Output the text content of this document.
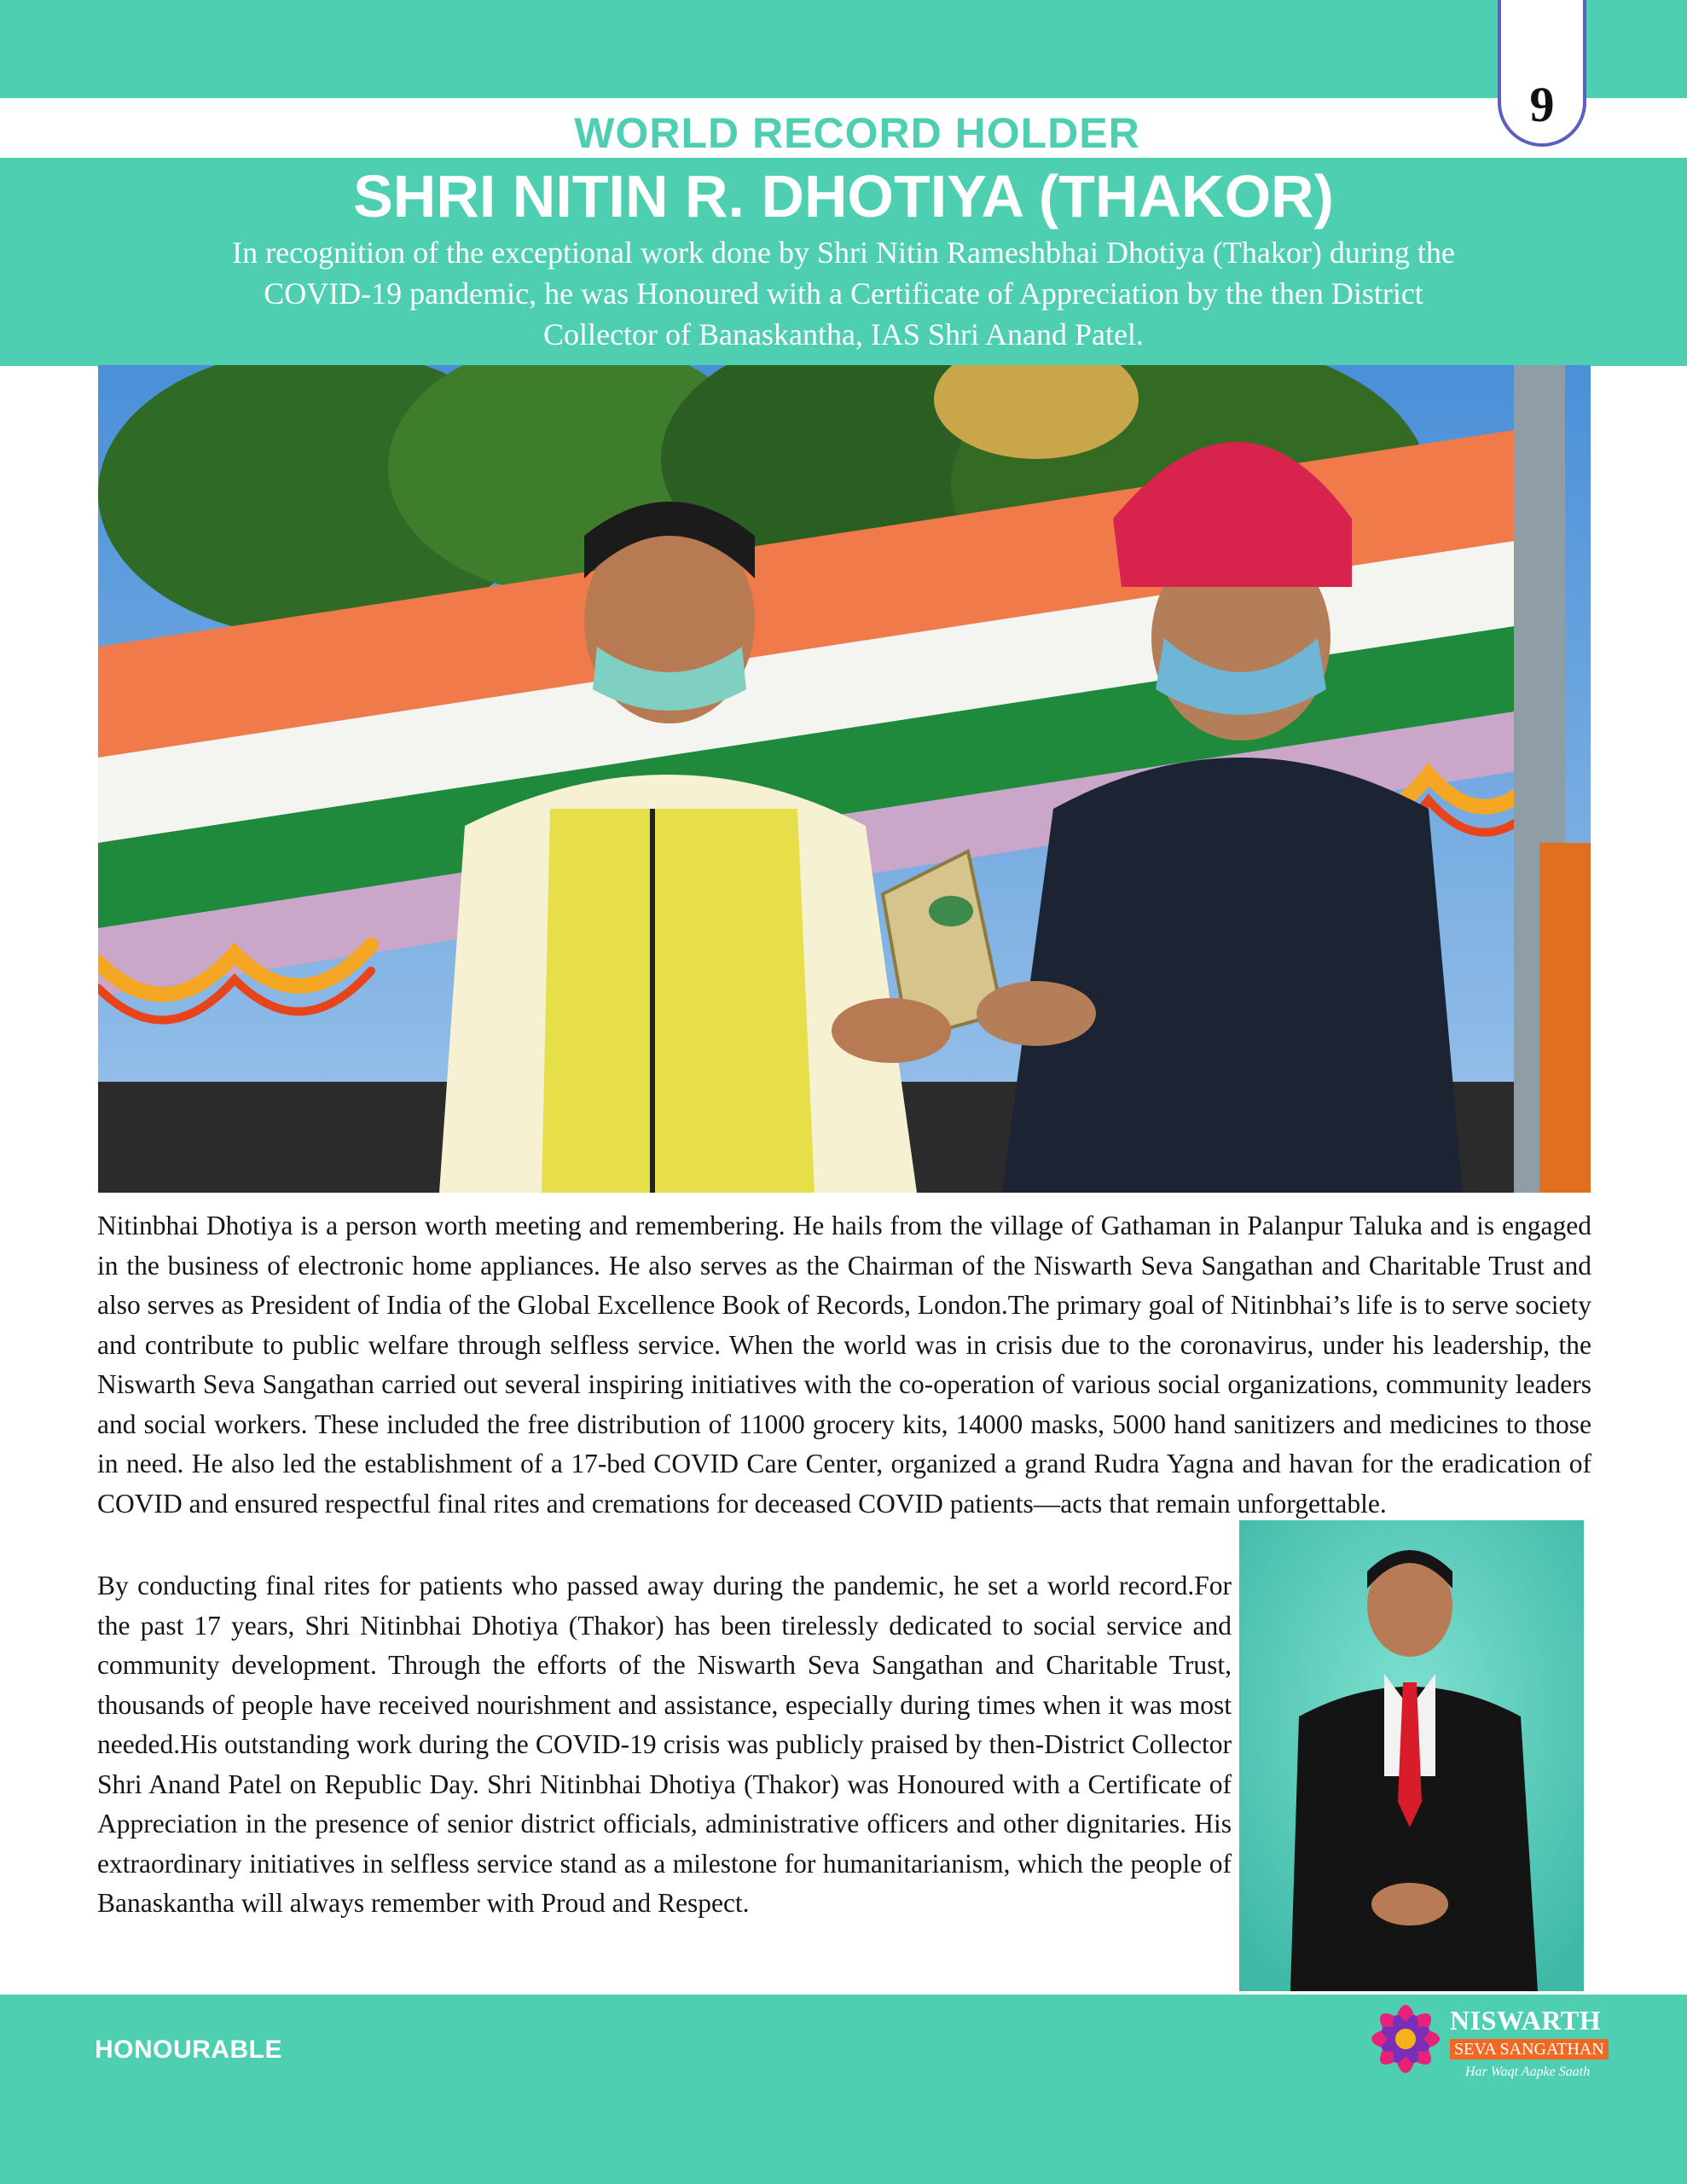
WORLD RECORD HOLDER
9
SHRI NITIN R. DHOTIYA (THAKOR)
In recognition of the exceptional work done by Shri Nitin Rameshbhai Dhotiya (Thakor) during the COVID-19 pandemic, he was Honoured with a Certificate of Appreciation by the then District Collector of Banaskantha, IAS Shri Anand Patel.

Nitinbhai Dhotiya is a person worth meeting and remembering. He hails from the village of Gathaman in Palanpur Taluka and is engaged in the business of electronic home appliances. He also serves as the Chairman of the Niswarth Seva Sangathan and Charitable Trust and also serves as President of India of the Global Excellence Book of Records, London.The primary goal of Nitinbhai’s life is to serve society and contribute to public welfare through selfless service. When the world was in crisis due to the coronavirus, under his leadership, the Niswarth Seva Sangathan carried out several inspiring initiatives with the co-operation of various social organizations, community leaders and social workers. These included the free distribution of 11000 grocery kits, 14000 masks, 5000 hand sanitizers and medicines to those in need. He also led the establishment of a 17-bed COVID Care Center, organized a grand Rudra Yagna and havan for the eradication of COVID and ensured respectful final rites and cremations for deceased COVID patients—acts that remain unforgettable.

By conducting final rites for patients who passed away during the pandemic, he set a world record.For the past 17 years, Shri Nitinbhai Dhotiya (Thakor) has been tirelessly dedicated to social service and community development. Through the efforts of the Niswarth Seva Sangathan and Charitable Trust, thousands of people have received nourishment and assistance, especially during times when it was most needed.His outstanding work during the COVID-19 crisis was publicly praised by then-District Collector Shri Anand Patel on Republic Day. Shri Nitinbhai Dhotiya (Thakor) was Honoured with a Certificate of Appreciation in the presence of senior district officials, administrative officers and other dignitaries. His extraordinary initiatives in selfless service stand as a milestone for humanitarianism, which the people of Banaskantha will always remember with Proud and Respect.

HONOURABLE
NISWARTH
SEVA SANGATHAN
Har Waqt Aapke Saath
